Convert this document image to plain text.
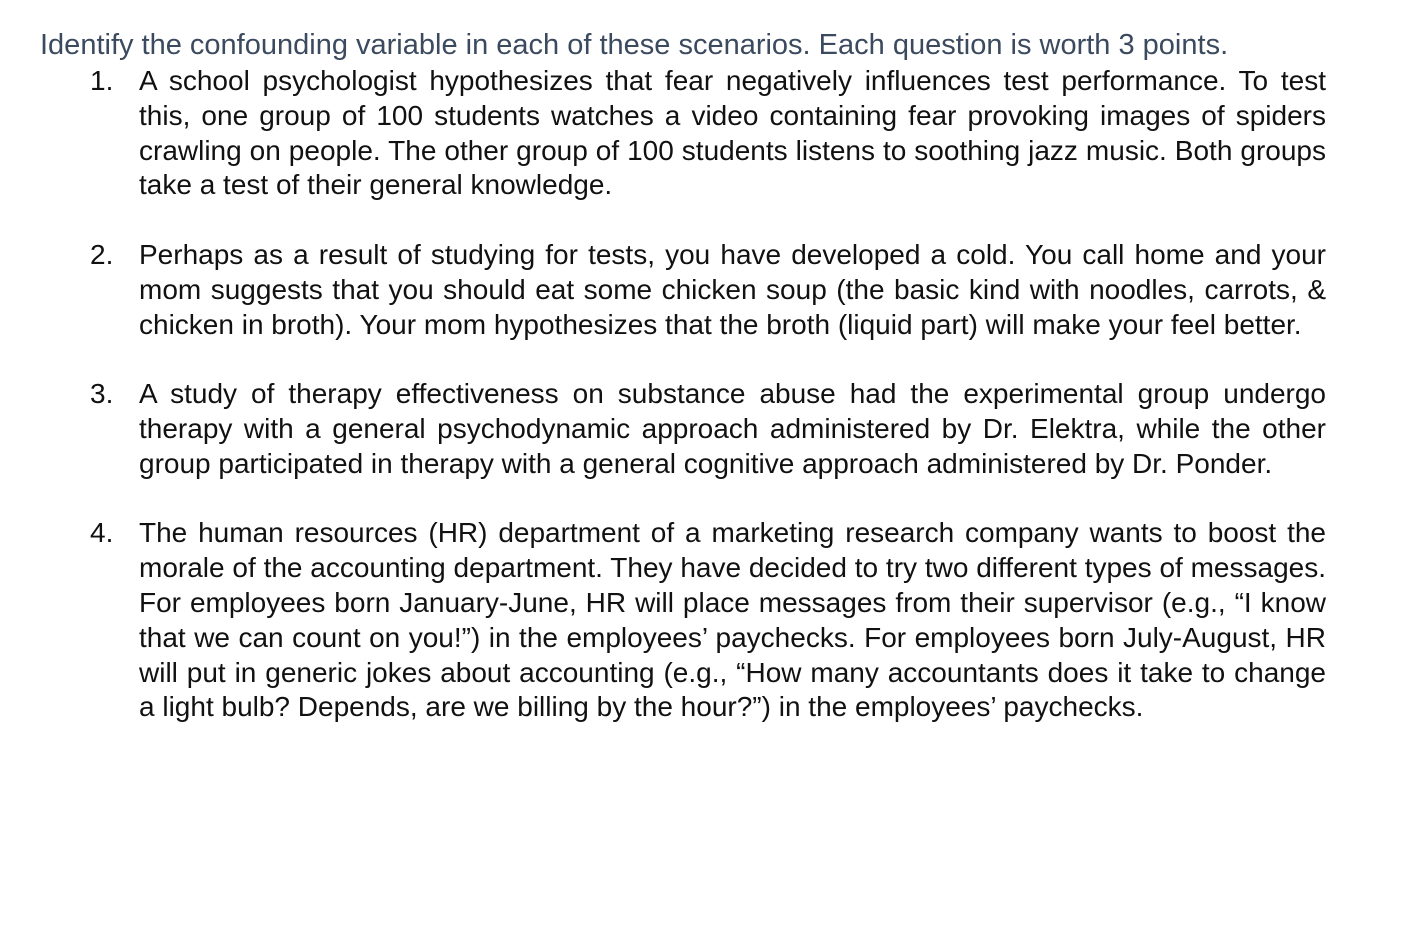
Identify the confounding variable in each of these scenarios. Each question is worth 3 points.

1. A school psychologist hypothesizes that fear negatively influences test performance. To test this, one group of 100 students watches a video containing fear provoking images of spiders crawling on people. The other group of 100 students listens to soothing jazz music. Both groups take a test of their general knowledge.
2. Perhaps as a result of studying for tests, you have developed a cold. You call home and your mom suggests that you should eat some chicken soup (the basic kind with noodles, carrots, & chicken in broth). Your mom hypothesizes that the broth (liquid part) will make your feel better.
3. A study of therapy effectiveness on substance abuse had the experimental group undergo therapy with a general psychodynamic approach administered by Dr. Elektra, while the other group participated in therapy with a general cognitive approach administered by Dr. Ponder.
4. The human resources (HR) department of a marketing research company wants to boost the morale of the accounting department. They have decided to try two different types of messages. For employees born January-June, HR will place messages from their supervisor (e.g., “I know that we can count on you!”) in the employees’ paychecks. For employees born July-August, HR will put in generic jokes about accounting (e.g., “How many accountants does it take to change a light bulb? Depends, are we billing by the hour?”) in the employees’ paychecks.
